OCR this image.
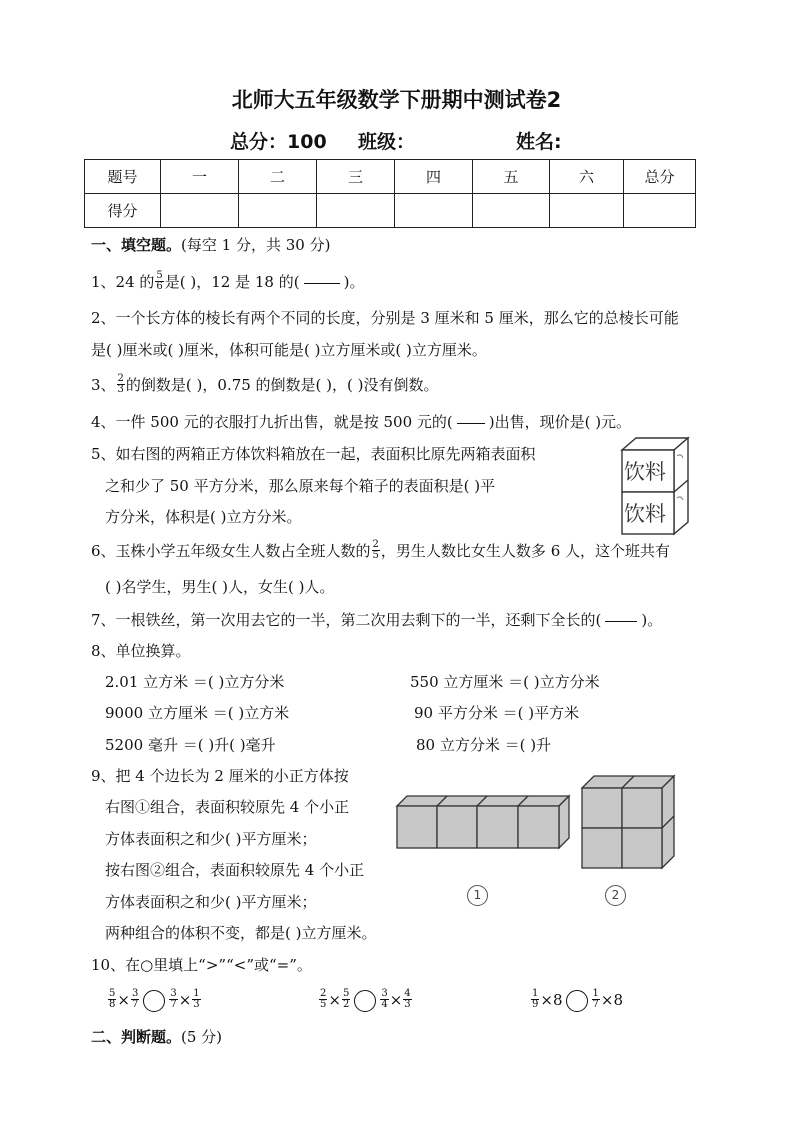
北师大五年级数学下册期中测试卷2
总分：100 班级：	姓名:
题号	一	二	三	四	五	六	总分
得分							
一、填空题。(每空 1 分，共 30 分)
1、24 的 $\frac{5}{6}$ 是( )，12 是 18 的(	)。
2、一个长方体的棱长有两个不同的长度，分别是 3 厘米和 5 厘米，那么它的总棱长可能
是( )厘米或( )厘米，体积可能是( )立方厘米或( )立方厘米。
3、 $\frac{2}{3}$ 的倒数是( )，0.75 的倒数是( )，( )没有倒数。
4、一件 500 元的衣服打九折出售，就是按 500 元的( )出售，现价是( )元。
5、如右图的两箱正方体饮料箱放在一起，表面积比原先两箱表面积
之和少了 50 平方分米，那么原来每个箱子的表面积是( )平
方分米，体积是( )立方分米。
饮料
饮料
6、玉株小学五年级女生人数占全班人数的 $\frac{2}{5}$ ，男生人数比女生人数多 6 人，这个班共有
( )名学生，男生( )人，女生( )人。
7、一根铁丝，第一次用去它的一半，第二次用去剩下的一半，还剩下全长的(	)。
8、单位换算。
2.01 立方米 ＝( )立方分米	550 立方厘米 ＝( )立方分米
9000 立方厘米 ＝( )立方米	90 平方分米 ＝( )平方米
5200 毫升 ＝( )升( )毫升	80 立方分米 ＝( )升
9、把 4 个边长为 2 厘米的小正方体按
右图①组合，表面积较原先 4 个小正
方体表面积之和少( )平方厘米；
按右图②组合，表面积较原先 4 个小正
方体表面积之和少( )平方厘米；
两种组合的体积不变，都是( )立方厘米。
1	2
10、在○里填上“>”“<”或“=”。
$\frac{5}{8} \times \frac{3}{7}$	$\frac{3}{7} \times \frac{1}{3}$	$\frac{2}{5} \times \frac{5}{2}$	$\frac{3}{4} \times \frac{4}{3}$	$\frac{1}{9} \times 8$	$\frac{1}{7} \times 8$
二、判断题。(5 分)
